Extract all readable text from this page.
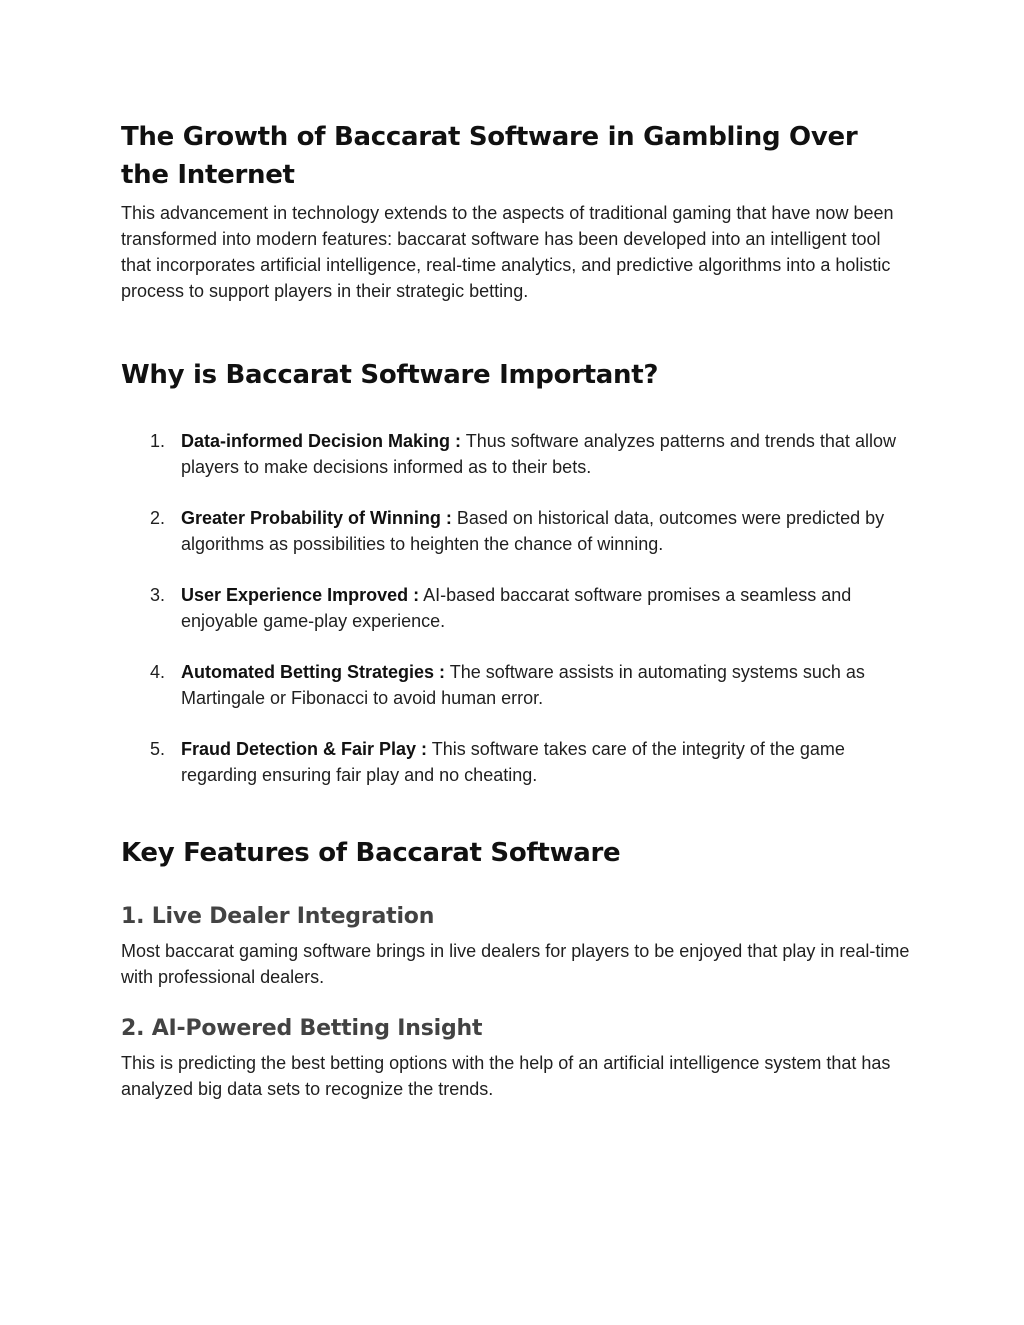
The Growth of Baccarat Software in Gambling Over the Internet

This advancement in technology extends to the aspects of traditional gaming that have now been transformed into modern features: baccarat software has been developed into an intelligent tool that incorporates artificial intelligence, real-time analytics, and predictive algorithms into a holistic process to support players in their strategic betting.

Why is Baccarat Software Important?
1. Data-informed Decision Making : Thus software analyzes patterns and trends that allow players to make decisions informed as to their bets.
2. Greater Probability of Winning : Based on historical data, outcomes were predicted by algorithms as possibilities to heighten the chance of winning.
3. User Experience Improved : AI-based baccarat software promises a seamless and enjoyable game-play experience.
4. Automated Betting Strategies : The software assists in automating systems such as Martingale or Fibonacci to avoid human error.
5. Fraud Detection & Fair Play : This software takes care of the integrity of the game regarding ensuring fair play and no cheating.
Key Features of Baccarat Software
1. Live Dealer Integration

Most baccarat gaming software brings in live dealers for players to be enjoyed that play in real-time with professional dealers.

2. AI-Powered Betting Insight

This is predicting the best betting options with the help of an artificial intelligence system that has analyzed big data sets to recognize the trends.
